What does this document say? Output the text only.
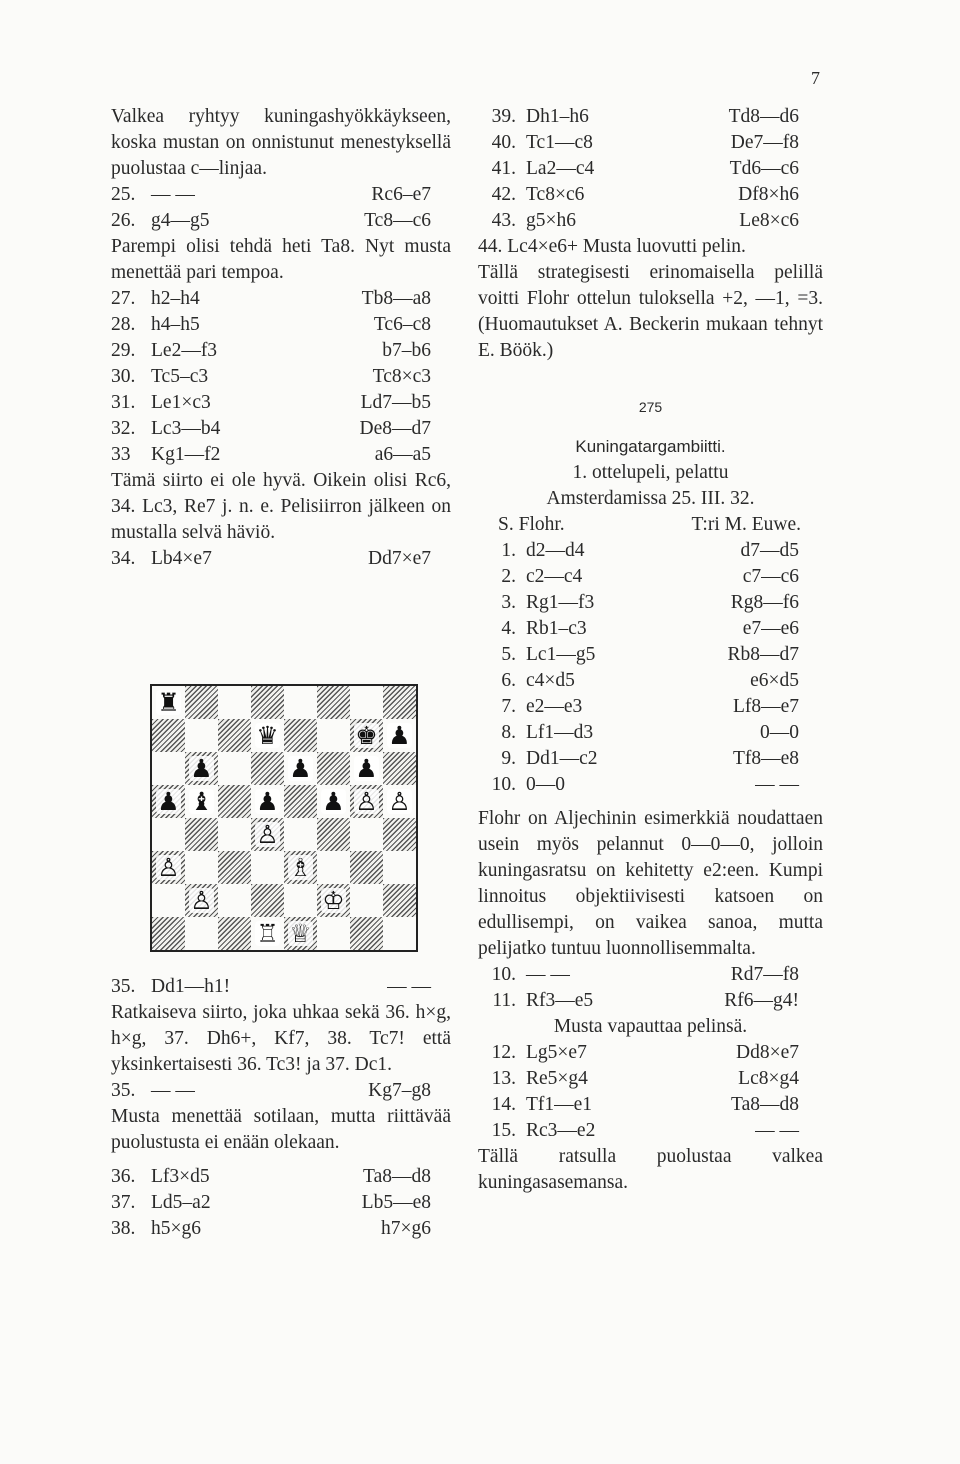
7

Valkea ryhtyy kuningashyökkäykseen, koska mustan on onnistunut menestyksellä puolustaa c—linjaa.

25. — —	Rc6–e7
26. g4—g5	Tc8—c6

Parempi olisi tehdä heti Ta8. Nyt musta menettää pari tempoa.

27. h2–h4	Tb8—a8
28. h4–h5	Tc6–c8
29. Le2—f3	b7–b6
30. Tc5–c3	Tc8×c3
31. Le1×c3	Ld7—b5
32. Lc3—b4	De8—d7
33	Kg1—f2	a6—a5

Tämä siirto ei ole hyvä. Oikein olisi Rc6, 34. Lc3, Re7 j. n. e. Pelisiirron jälkeen on mustalla selvä häviö.

34. Lb4×e7	Dd7×e7
♜
♛	♚ ♟
♟	♟ ♟
♟ ♝ ♟ ♟ ♙ ♙
♙
♙	♗
♙	♔
♖ ♕
35. Dd1—h1!	— —

Ratkaiseva siirto, joka uhkaa sekä 36. h×g, h×g, 37. Dh6+, Kf7, 38. Tc7! että yksinkertaisesti 36. Tc3! ja 37. Dc1.

35. — —	Kg7–g8

Musta menettää sotilaan, mutta riittävää puolustusta ei enään olekaan.

36. Lf3×d5	Ta8—d8
37. Ld5–a2	Lb5—e8
38. h5×g6	h7×g6
39. Dh1–h6	Td8—d6
40. Tc1—c8	De7—f8
41. La2—c4	Td6—c6
42. Tc8×c6	Df8×h6
43. g5×h6	Le8×c6

44. Lc4×e6+ Musta luovutti pelin.

Tällä strategisesti erinomaisella pelillä voitti Flohr ottelun tuloksella +2, —1, =3. (Huomautukset A. Beckerin mukaan tehnyt E. Böök.)

275
Kuningatargambiitti.
1. ottelupeli, pelattu
Amsterdamissa 25. III. 32.
S. Flohr.	T:ri M. Euwe.
1. d2—d4	d7—d5
2. c2—c4	c7—c6
3. Rg1—f3	Rg8—f6
4. Rb1–c3	e7—e6
5. Lc1—g5	Rb8—d7
6. c4×d5	e6×d5
7. e2—e3	Lf8—e7
8. Lf1—d3	0—0
9. Dd1—c2	Tf8—e8
10. 0—0	— —

Flohr on Aljechinin esimerkkiä noudattaen usein myös pelannut 0—0—0, jolloin kuningasratsu on kehitetty e2:een. Kumpi linnoitus objektiivisesti katsoen on edullisempi, on vaikea sanoa, mutta pelijatko tuntuu luonnollisemmalta.

10. — —	Rd7—f8
11. Rf3—e5	Rf6—g4!

Musta vapauttaa pelinsä.

12. Lg5×e7	Dd8×e7
13. Re5×g4	Lc8×g4
14. Tf1—e1	Ta8—d8
15. Rc3—e2	— —

Tällä ratsulla puolustaa valkea kuningasasemansa.
